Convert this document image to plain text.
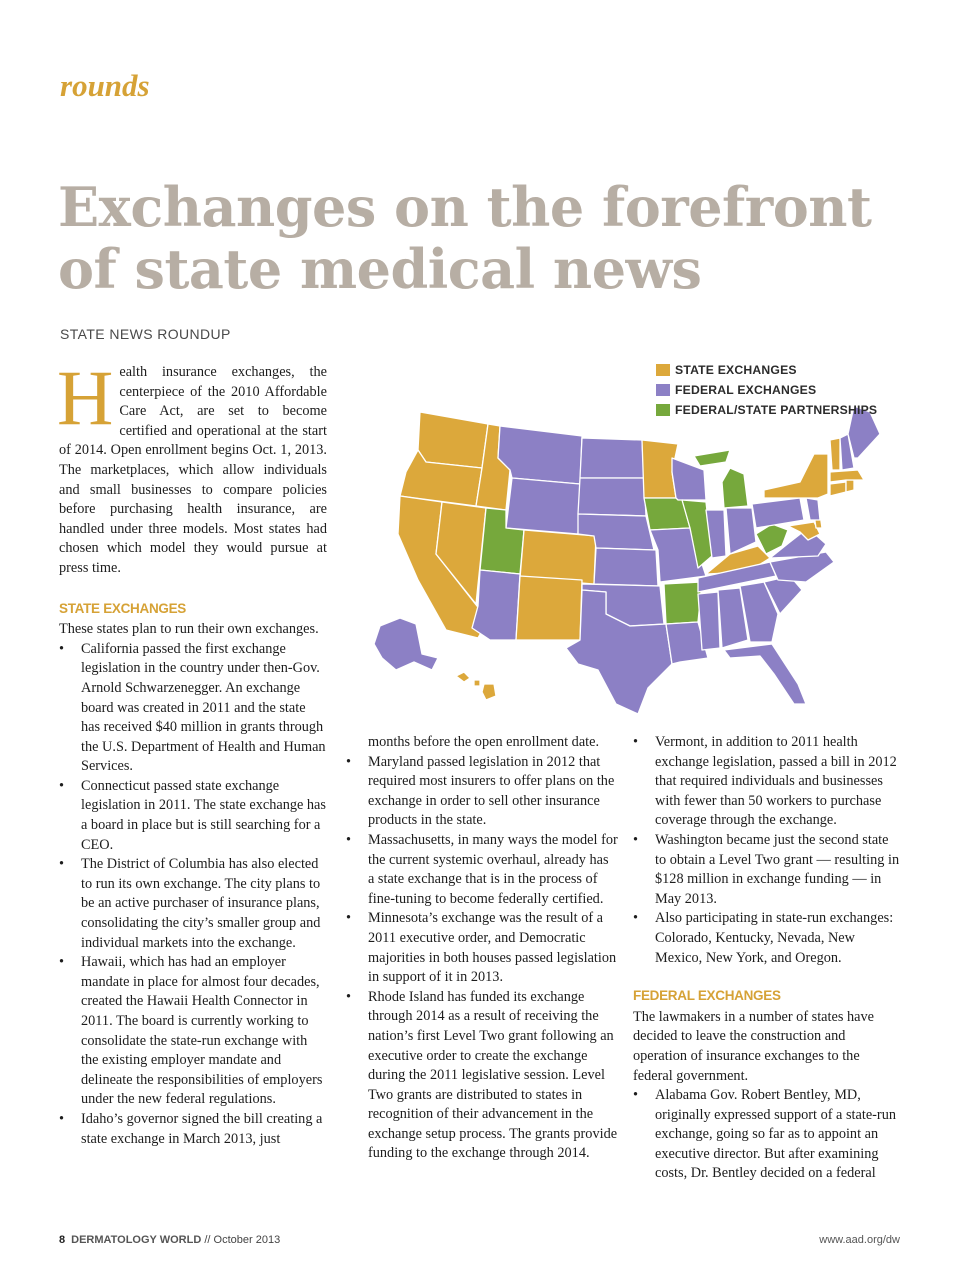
rounds
Exchanges on the forefront of state medical news
STATE NEWS ROUNDUP

Health insurance exchanges, the centerpiece of the 2010 Affordable Care Act, are set to become certified and operational at the start of 2014. Open enrollment begins Oct. 1, 2013. The marketplaces, which allow individuals and small businesses to compare policies before purchasing health insurance, are handled under three models. Most states had chosen which model they would pursue at press time.

STATE EXCHANGES

These states plan to run their own exchanges.

• California passed the first exchange legislation in the country under then-Gov. Arnold Schwarzenegger. An exchange board was created in 2011 and the state has received $40 million in grants through the U.S. Department of Health and Human Services.
• Connecticut passed state exchange legislation in 2011. The state exchange has a board in place but is still searching for a CEO.
• The District of Columbia has also elected to run its own exchange. The city plans to be an active purchaser of insurance plans, consolidating the city’s smaller group and individual markets into the exchange.
• Hawaii, which has had an employer mandate in place for almost four decades, created the Hawaii Health Connector in 2011. The board is currently working to consolidate the state-run exchange with the existing employer mandate and delineate the responsibilities of employers under the new federal regulations.
• Idaho’s governor signed the bill creating a state exchange in March 2013, just
STATE EXCHANGES
FEDERAL EXCHANGES
FEDERAL/STATE PARTNERSHIPS

months before the open enrollment date.

• Maryland passed legislation in 2012 that required most insurers to offer plans on the exchange in order to sell other insurance products in the state.
• Massachusetts, in many ways the model for the current systemic overhaul, already has a state exchange that is in the process of fine-tuning to become federally certified.
• Minnesota’s exchange was the result of a 2011 executive order, and Democratic majorities in both houses passed legislation in support of it in 2013.
• Rhode Island has funded its exchange through 2014 as a result of receiving the nation’s first Level Two grant following an executive order to create the exchange during the 2011 legislative session. Level Two grants are distributed to states in recognition of their advancement in the exchange setup process. The grants provide funding to the exchange through 2014.
• Vermont, in addition to 2011 health exchange legislation, passed a bill in 2012 that required individuals and businesses with fewer than 50 workers to purchase coverage through the exchange.
• Washington became just the second state to obtain a Level Two grant — resulting in $128 million in exchange funding — in May 2013.
• Also participating in state-run exchanges: Colorado, Kentucky, Nevada, New Mexico, New York, and Oregon.
FEDERAL EXCHANGES

The lawmakers in a number of states have decided to leave the construction and operation of insurance exchanges to the federal government.

• Alabama Gov. Robert Bentley, MD, originally expressed support of a state-run exchange, going so far as to appoint an executive director. But after examining costs, Dr. Bentley decided on a federal
8 DERMATOLOGY WORLD // October 2013	www.aad.org/dw
